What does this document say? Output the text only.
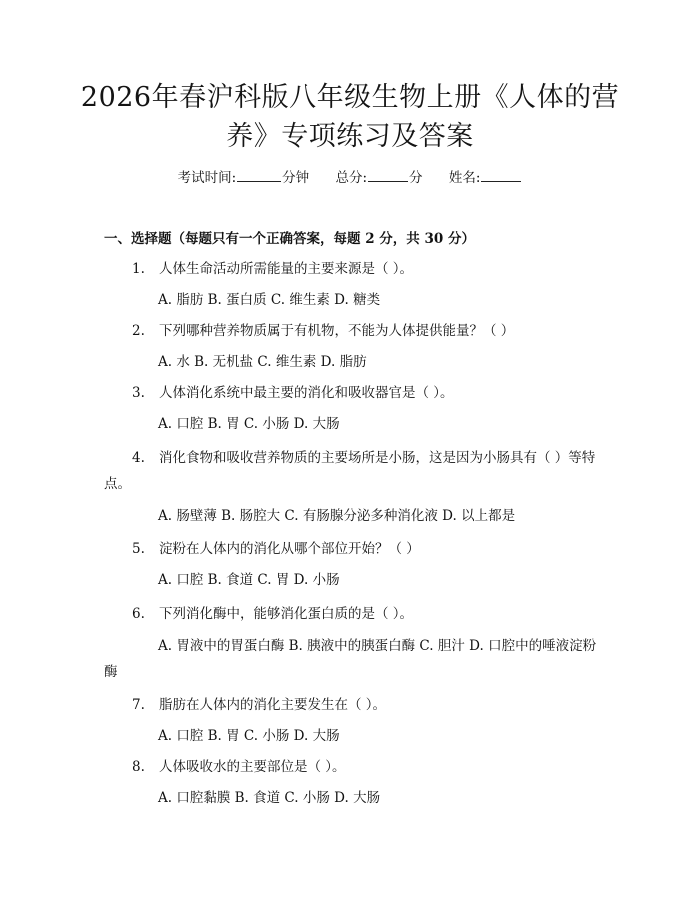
2026年春沪科版八年级生物上册《人体的营
养》专项练习及答案
考试时间:	分钟 总分:	分 姓名:
一、选择题（每题只有一个正确答案，每题 2 分，共 30 分）
1. 人体生命活动所需能量的主要来源是（ ）。
A. 脂肪 B. 蛋白质 C. 维生素 D. 糖类
2. 下列哪种营养物质属于有机物，不能为人体提供能量？（ ）
A. 水 B. 无机盐 C. 维生素 D. 脂肪
3. 人体消化系统中最主要的消化和吸收器官是（ ）。
A. 口腔 B. 胃 C. 小肠 D. 大肠
4. 消化食物和吸收营养物质的主要场所是小肠，这是因为小肠具有（ ）等特点。
A. 肠壁薄 B. 肠腔大 C. 有肠腺分泌多种消化液 D. 以上都是
5. 淀粉在人体内的消化从哪个部位开始？（ ）
A. 口腔 B. 食道 C. 胃 D. 小肠
6. 下列消化酶中，能够消化蛋白质的是（ ）。
A. 胃液中的胃蛋白酶 B. 胰液中的胰蛋白酶 C. 胆汁 D. 口腔中的唾液淀粉酶
7. 脂肪在人体内的消化主要发生在（ ）。
A. 口腔 B. 胃 C. 小肠 D. 大肠
8. 人体吸收水的主要部位是（ ）。
A. 口腔黏膜 B. 食道 C. 小肠 D. 大肠
